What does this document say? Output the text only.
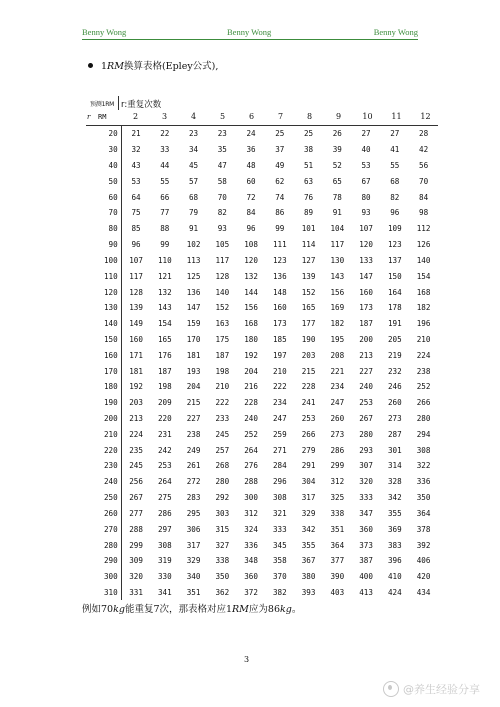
Benny Wong	Benny Wong	Benny Wong
1RM换算表格(Epley公式),
预测1RM r:重复次数
r RM	2	3	4	5	6	7	8	9	10	11	12
20	21	22	23	23	24	25	25	26	27	27	28
30	32	33	34	35	36	37	38	39	40	41	42
40	43	44	45	47	48	49	51	52	53	55	56
50	53	55	57	58	60	62	63	65	67	68	70
60	64	66	68	70	72	74	76	78	80	82	84
70	75	77	79	82	84	86	89	91	93	96	98
80	85	88	91	93	96	99	101	104	107	109	112
90	96	99	102	105	108	111	114	117	120	123	126
100	107	110	113	117	120	123	127	130	133	137	140
110	117	121	125	128	132	136	139	143	147	150	154
120	128	132	136	140	144	148	152	156	160	164	168
130	139	143	147	152	156	160	165	169	173	178	182
140	149	154	159	163	168	173	177	182	187	191	196
150	160	165	170	175	180	185	190	195	200	205	210
160	171	176	181	187	192	197	203	208	213	219	224
170	181	187	193	198	204	210	215	221	227	232	238
180	192	198	204	210	216	222	228	234	240	246	252
190	203	209	215	222	228	234	241	247	253	260	266
200	213	220	227	233	240	247	253	260	267	273	280
210	224	231	238	245	252	259	266	273	280	287	294
220	235	242	249	257	264	271	279	286	293	301	308
230	245	253	261	268	276	284	291	299	307	314	322
240	256	264	272	280	288	296	304	312	320	328	336
250	267	275	283	292	300	308	317	325	333	342	350
260	277	286	295	303	312	321	329	338	347	355	364
270	288	297	306	315	324	333	342	351	360	369	378
280	299	308	317	327	336	345	355	364	373	383	392
290	309	319	329	338	348	358	367	377	387	396	406
300	320	330	340	350	360	370	380	390	400	410	420
310	331	341	351	362	372	382	393	403	413	424	434
例如70kg能重复7次，那表格对应1RM应为86kg。
3
@养生经验分享
